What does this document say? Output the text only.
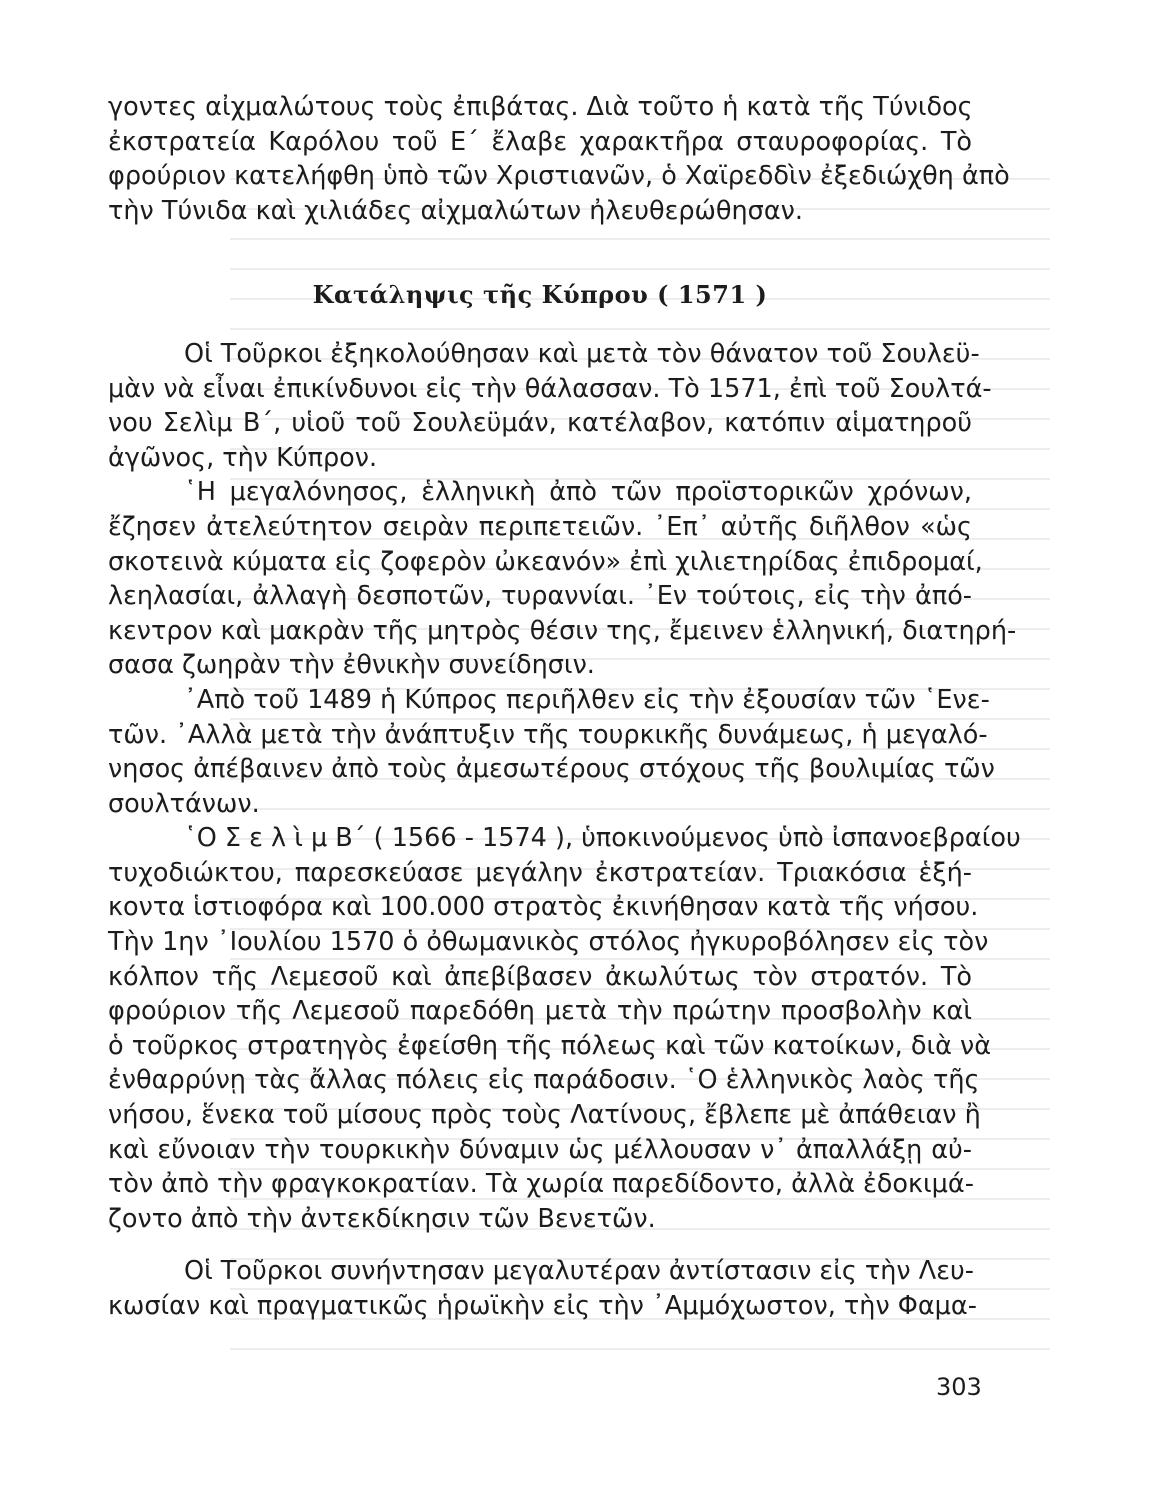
γοντες αἰχμαλώτους τοὺς ἐπιβάτας. Διὰ τοῦτο ἡ κατὰ τῆς Τύνιδος
ἐκστρατεία Καρόλου τοῦ Ε΄ ἔλαβε χαρακτῆρα σταυροφορίας. Τὸ
φρούριον κατελήφθη ὑπὸ τῶν Χριστιανῶν, ὁ Χαϊρεδδὶν ἐξεδιώχθη ἀπὸ
τὴν Τύνιδα καὶ χιλιάδες αἰχμαλώτων ἠλευθερώθησαν.
Κατάληψις τῆς Κύπρου ( 1571 )
Οἱ Τοῦρκοι ἐξηκολούθησαν καὶ μετὰ τὸν θάνατον τοῦ Σουλεϋ-
μὰν νὰ εἶναι ἐπικίνδυνοι εἰς τὴν θάλασσαν. Τὸ 1571, ἐπὶ τοῦ Σουλτά-
νου Σελὶμ Β΄, υἱοῦ τοῦ Σουλεϋμάν, κατέλαβον, κατόπιν αἱματηροῦ
ἀγῶνος, τὴν Κύπρον.
῾Η μεγαλόνησος, ἑλληνικὴ ἀπὸ τῶν προϊστορικῶν χρόνων,
ἔζησεν ἀτελεύτητον σειρὰν περιπετειῶν. ᾿Επ᾿ αὐτῆς διῆλθον «ὡς
σκοτεινὰ κύματα εἰς ζοφερὸν ὠκεανόν» ἐπὶ χιλιετηρίδας ἐπιδρομαί,
λεηλασίαι, ἀλλαγὴ δεσποτῶν, τυραννίαι. ᾿Εν τούτοις, εἰς τὴν ἀπό-
κεντρον καὶ μακρὰν τῆς μητρὸς θέσιν της, ἔμεινεν ἑλληνική, διατηρή-
σασα ζωηρὰν τὴν ἐθνικὴν συνείδησιν.
᾿Απὸ τοῦ 1489 ἡ Κύπρος περιῆλθεν εἰς τὴν ἐξουσίαν τῶν ῾Ενε-
τῶν. ᾿Αλλὰ μετὰ τὴν ἀνάπτυξιν τῆς τουρκικῆς δυνάμεως, ἡ μεγαλό-
νησος ἀπέβαινεν ἀπὸ τοὺς ἀμεσωτέρους στόχους τῆς βουλιμίας τῶν
σουλτάνων.
῾Ο Σ ε λ ὶ μ Β΄ ( 1566 - 1574 ), ὑποκινούμενος ὑπὸ ἰσπανοεβραίου
τυχοδιώκτου, παρεσκεύασε μεγάλην ἐκστρατείαν. Τριακόσια ἑξή-
κοντα ἱστιοφόρα καὶ 100.000 στρατὸς ἐκινήθησαν κατὰ τῆς νήσου.
Τὴν 1ην ᾿Ιουλίου 1570 ὁ ὀθωμανικὸς στόλος ἠγκυροβόλησεν εἰς τὸν
κόλπον τῆς Λεμεσοῦ καὶ ἀπεβίβασεν ἀκωλύτως τὸν στρατόν. Τὸ
φρούριον τῆς Λεμεσοῦ παρεδόθη μετὰ τὴν πρώτην προσβολὴν καὶ
ὁ τοῦρκος στρατηγὸς ἐφείσθη τῆς πόλεως καὶ τῶν κατοίκων, διὰ νὰ
ἐνθαρρύνῃ τὰς ἄλλας πόλεις εἰς παράδοσιν. ῾Ο ἑλληνικὸς λαὸς τῆς
νήσου, ἕνεκα τοῦ μίσους πρὸς τοὺς Λατίνους, ἔβλεπε μὲ ἀπάθειαν ἢ
καὶ εὔνοιαν τὴν τουρκικὴν δύναμιν ὡς μέλλουσαν ν᾿ ἀπαλλάξῃ αὐ-
τὸν ἀπὸ τὴν φραγκοκρατίαν. Τὰ χωρία παρεδίδοντο, ἀλλὰ ἐδοκιμά-
ζοντο ἀπὸ τὴν ἀντεκδίκησιν τῶν Βενετῶν.
Οἱ Τοῦρκοι συνήντησαν μεγαλυτέραν ἀντίστασιν εἰς τὴν Λευ-
κωσίαν καὶ πραγματικῶς ἡρωϊκὴν εἰς τὴν ᾿Αμμόχωστον, τὴν Φαμα-
303
